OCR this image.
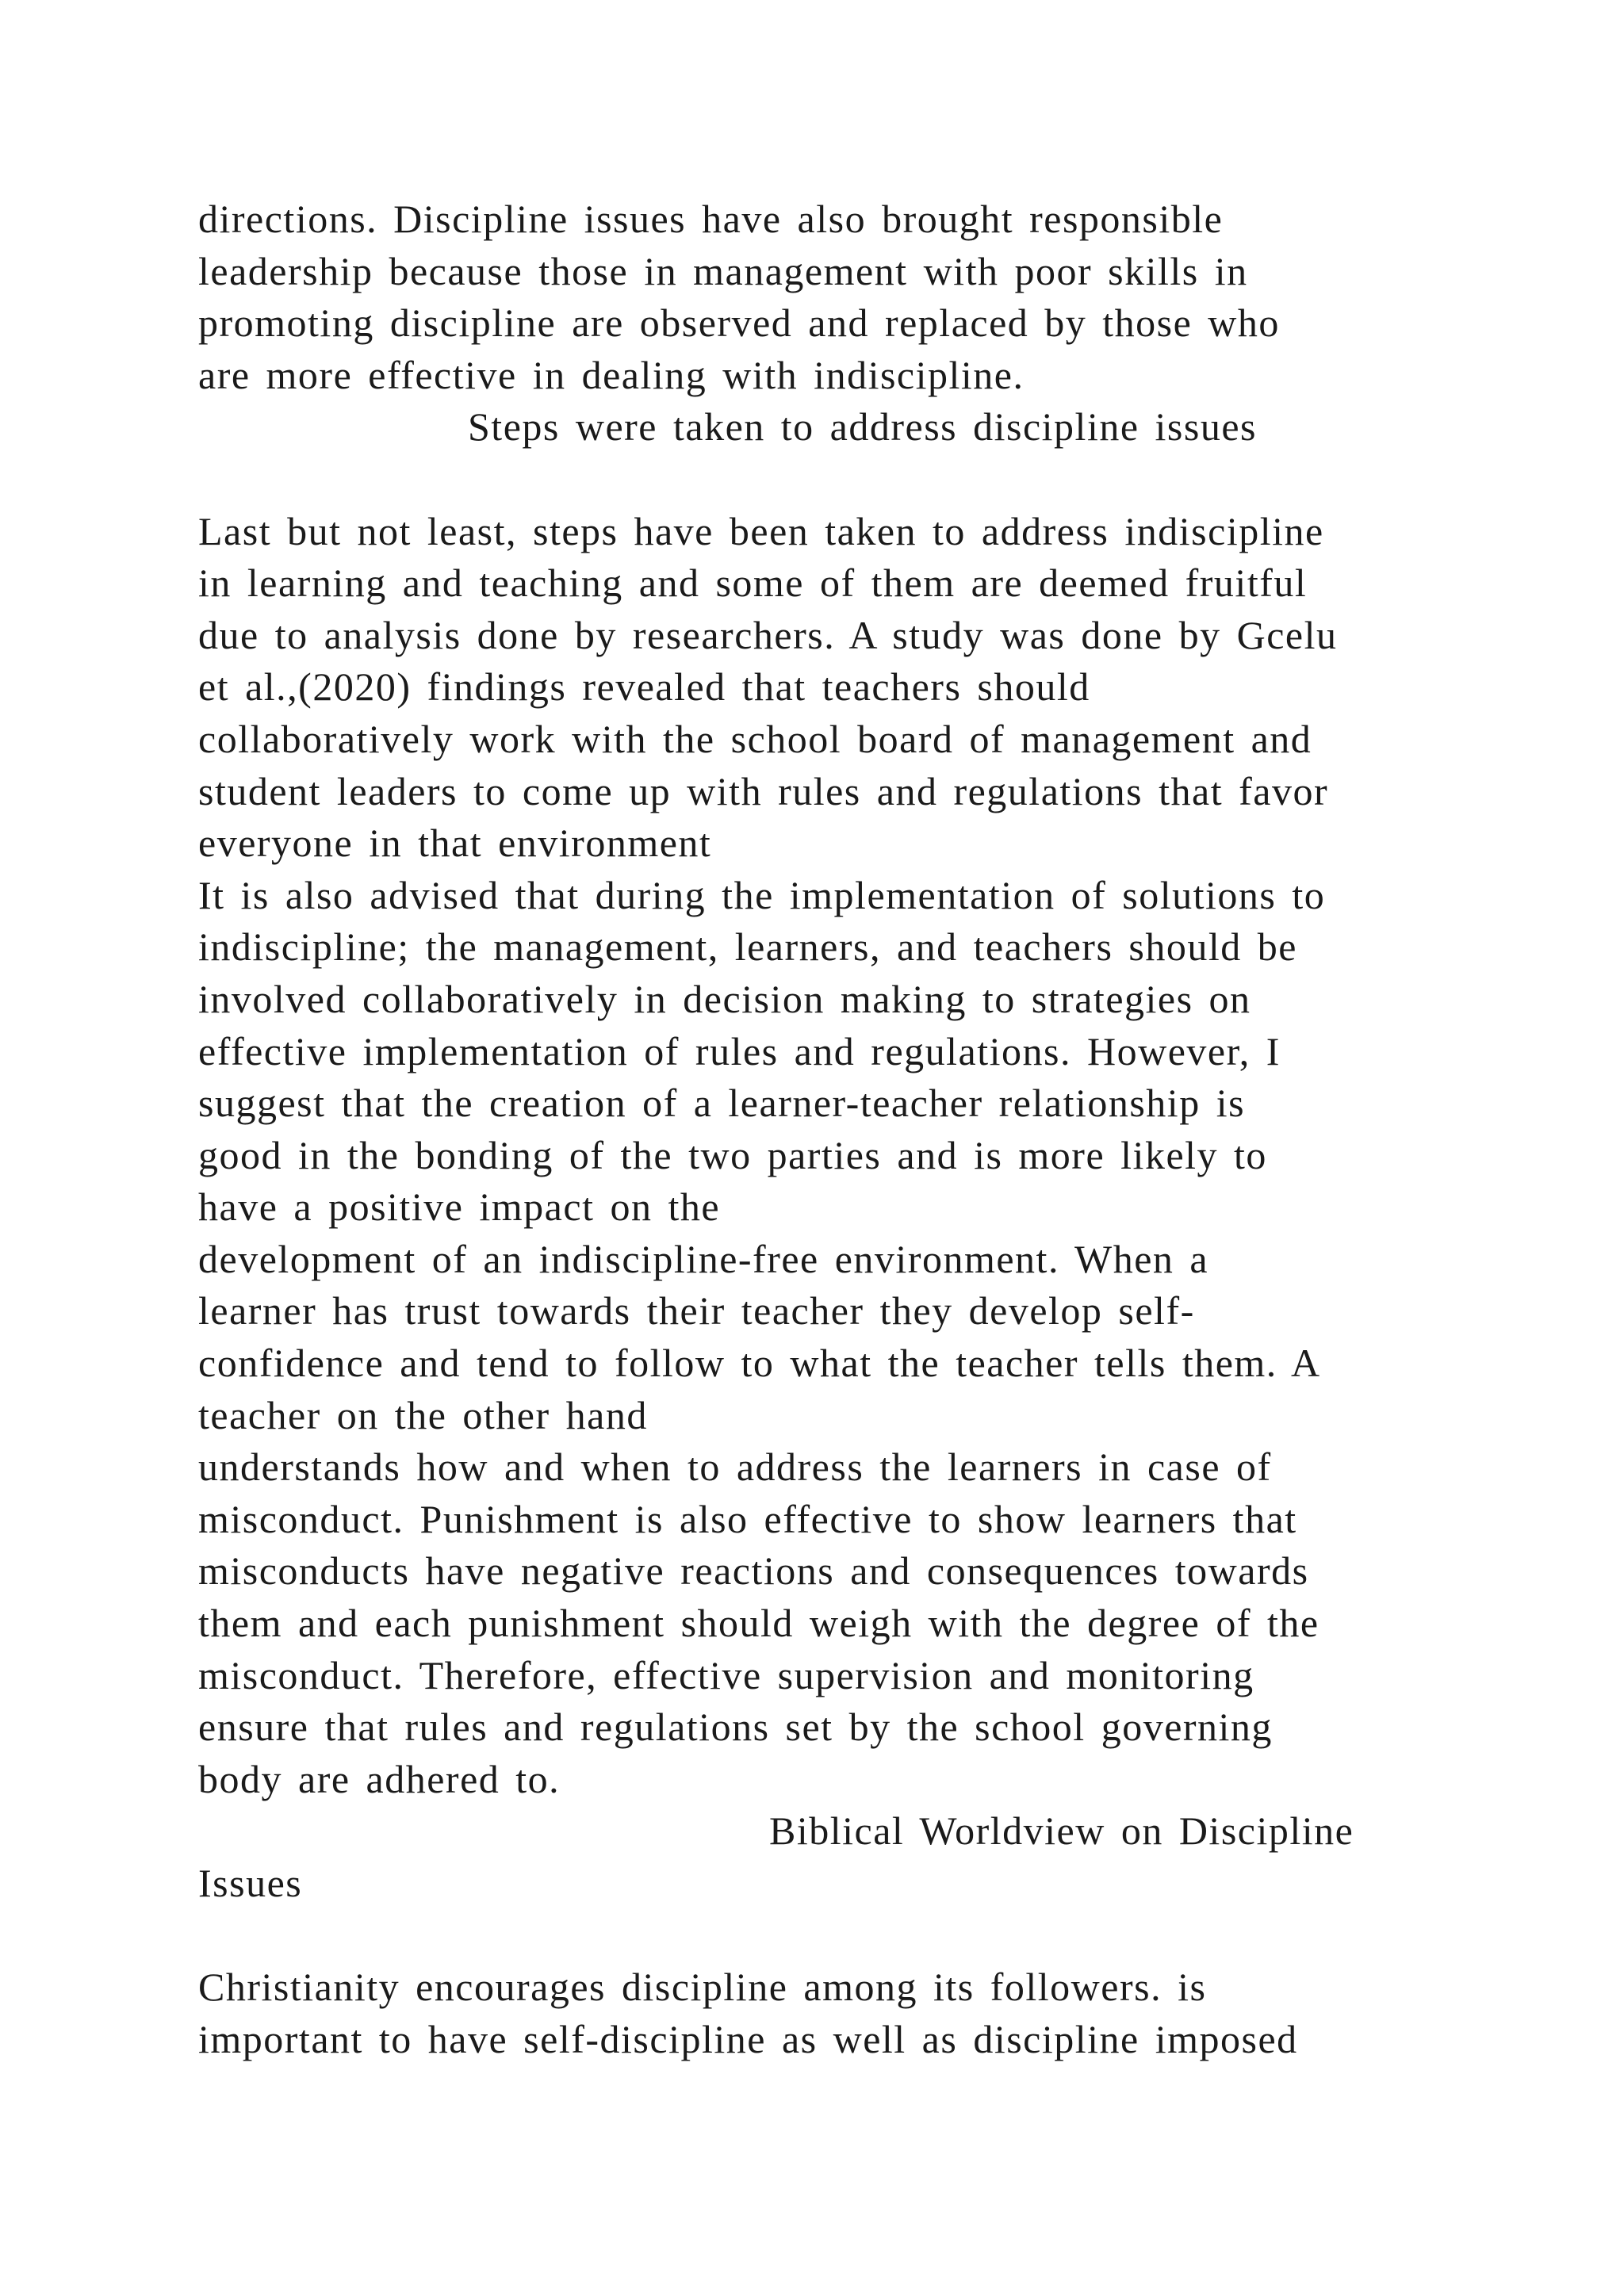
directions. Discipline issues have also brought responsible
leadership because those in management with poor skills in
promoting discipline are observed and replaced by those who
are more effective in dealing with indiscipline.
Steps were taken to address discipline issues
Last but not least, steps have been taken to address indiscipline
in learning and teaching and some of them are deemed fruitful
due to analysis done by researchers. A study was done by Gcelu
et al.,(2020) findings revealed that teachers should
collaboratively work with the school board of management and
student leaders to come up with rules and regulations that favor
everyone in that environment
It is also advised that during the implementation of solutions to
indiscipline; the management, learners, and teachers should be
involved collaboratively in decision making to strategies on
effective implementation of rules and regulations. However, I
suggest that the creation of a learner-teacher relationship is
good in the bonding of the two parties and is more likely to
have a positive impact on the
development of an indiscipline-free environment. When a
learner has trust towards their teacher they develop self-
confidence and tend to follow to what the teacher tells them. A
teacher on the other hand
understands how and when to address the learners in case of
misconduct. Punishment is also effective to show learners that
misconducts have negative reactions and consequences towards
them and each punishment should weigh with the degree of the
misconduct. Therefore, effective supervision and monitoring
ensure that rules and regulations set by the school governing
body are adhered to.
Biblical Worldview on Discipline
Issues
Christianity encourages discipline among its followers. is
important to have self-discipline as well as discipline imposed
